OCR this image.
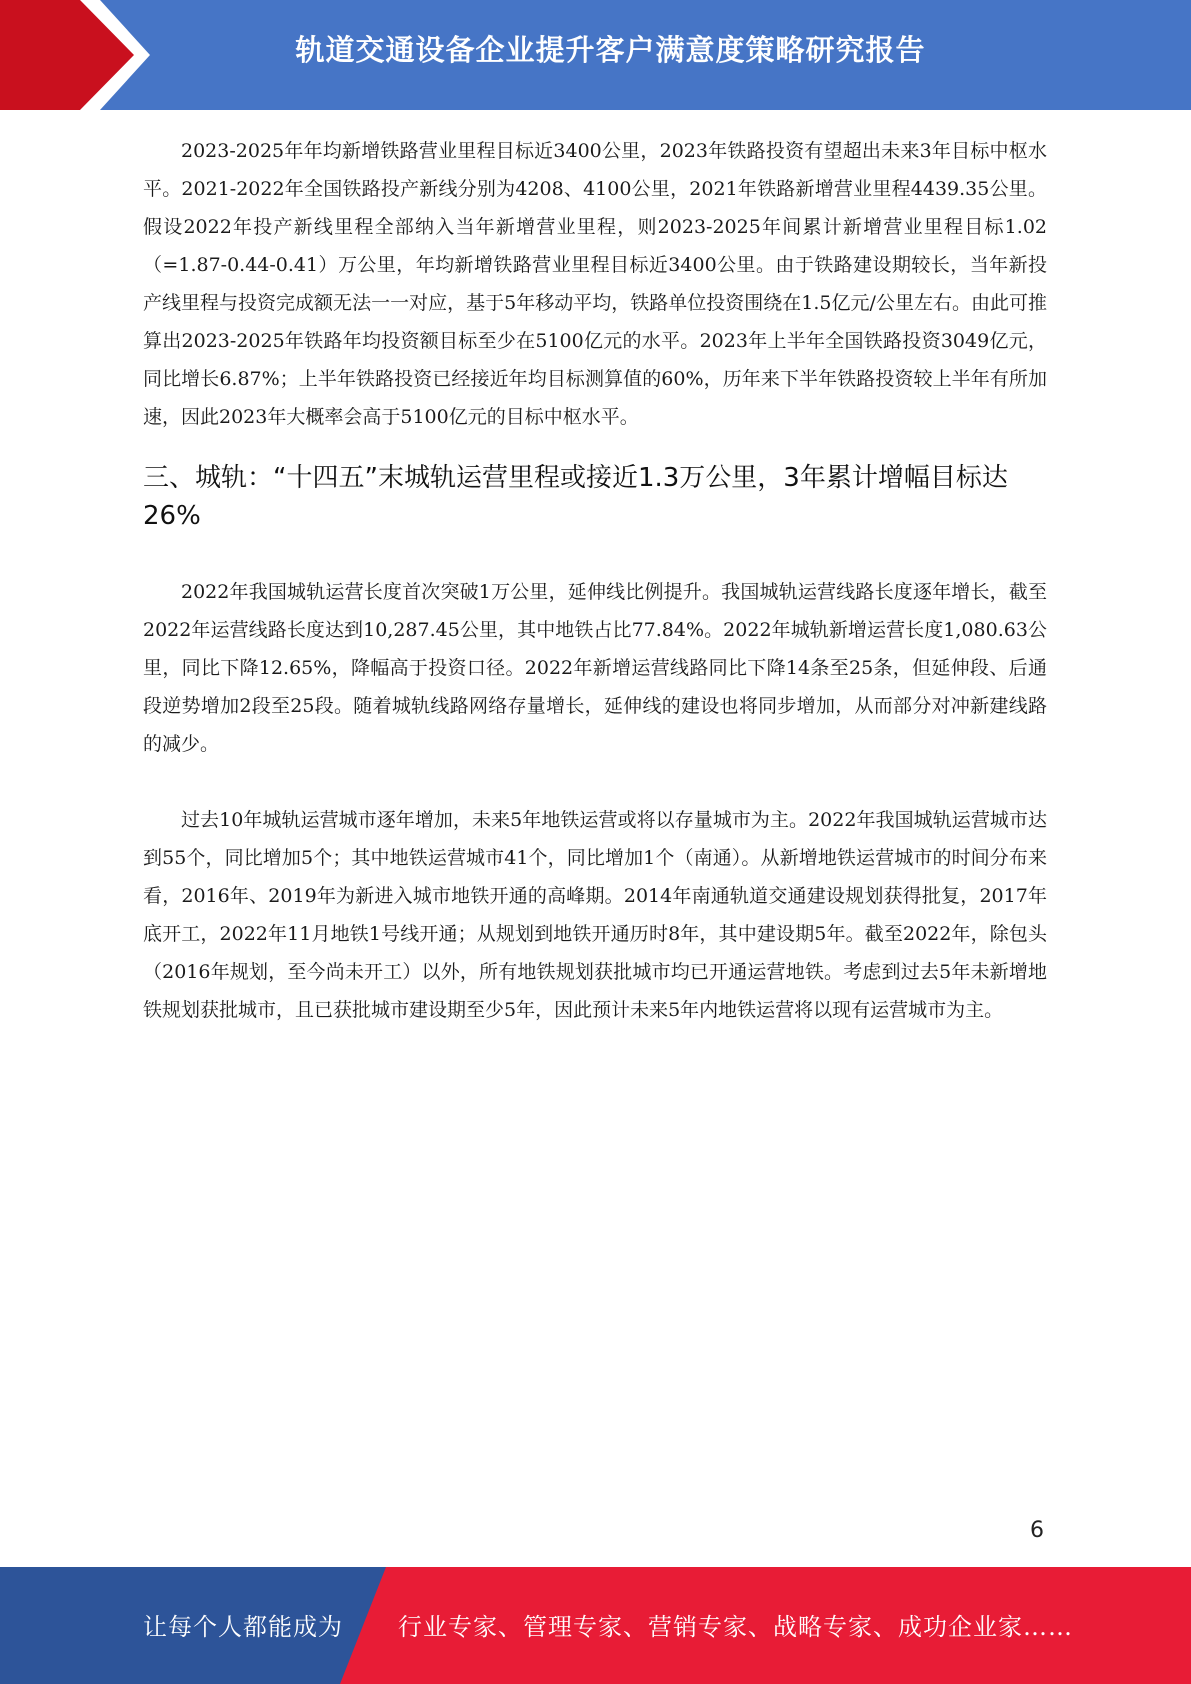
轨道交通设备企业提升客户满意度策略研究报告

2023-2025年年均新增铁路营业里程目标近3400公里，2023年铁路投资有望超出未来3年目标中枢水平。2021-2022年全国铁路投产新线分别为4208、4100公里，2021年铁路新增营业里程4439.35公里。假设2022年投产新线里程全部纳入当年新增营业里程，则2023-2025年间累计新增营业里程目标1.02（=1.87-0.44-0.41）万公里，年均新增铁路营业里程目标近3400公里。由于铁路建设期较长，当年新投产线里程与投资完成额无法一一对应，基于5年移动平均，铁路单位投资围绕在1.5亿元/公里左右。由此可推算出2023-2025年铁路年均投资额目标至少在5100亿元的水平。2023年上半年全国铁路投资3049亿元，同比增长6.87%；上半年铁路投资已经接近年均目标测算值的60%，历年来下半年铁路投资较上半年有所加速，因此2023年大概率会高于5100亿元的目标中枢水平。

三、城轨：“十四五”末城轨运营里程或接近1.3万公里，3年累计增幅目标达26%

2022年我国城轨运营长度首次突破1万公里，延伸线比例提升。我国城轨运营线路长度逐年增长，截至2022年运营线路长度达到10,287.45公里，其中地铁占比77.84%。2022年城轨新增运营长度1,080.63公里，同比下降12.65%，降幅高于投资口径。2022年新增运营线路同比下降14条至25条，但延伸段、后通段逆势增加2段至25段。随着城轨线路网络存量增长，延伸线的建设也将同步增加，从而部分对冲新建线路的减少。

过去10年城轨运营城市逐年增加，未来5年地铁运营或将以存量城市为主。2022年我国城轨运营城市达到55个，同比增加5个；其中地铁运营城市41个，同比增加1个（南通）。从新增地铁运营城市的时间分布来看，2016年、2019年为新进入城市地铁开通的高峰期。2014年南通轨道交通建设规划获得批复，2017年底开工，2022年11月地铁1号线开通；从规划到地铁开通历时8年，其中建设期5年。截至2022年，除包头（2016年规划，至今尚未开工）以外，所有地铁规划获批城市均已开通运营地铁。考虑到过去5年未新增地铁规划获批城市，且已获批城市建设期至少5年，因此预计未来5年内地铁运营将以现有运营城市为主。

6
让每个人都能成为 行业专家、管理专家、营销专家、战略专家、成功企业家……
